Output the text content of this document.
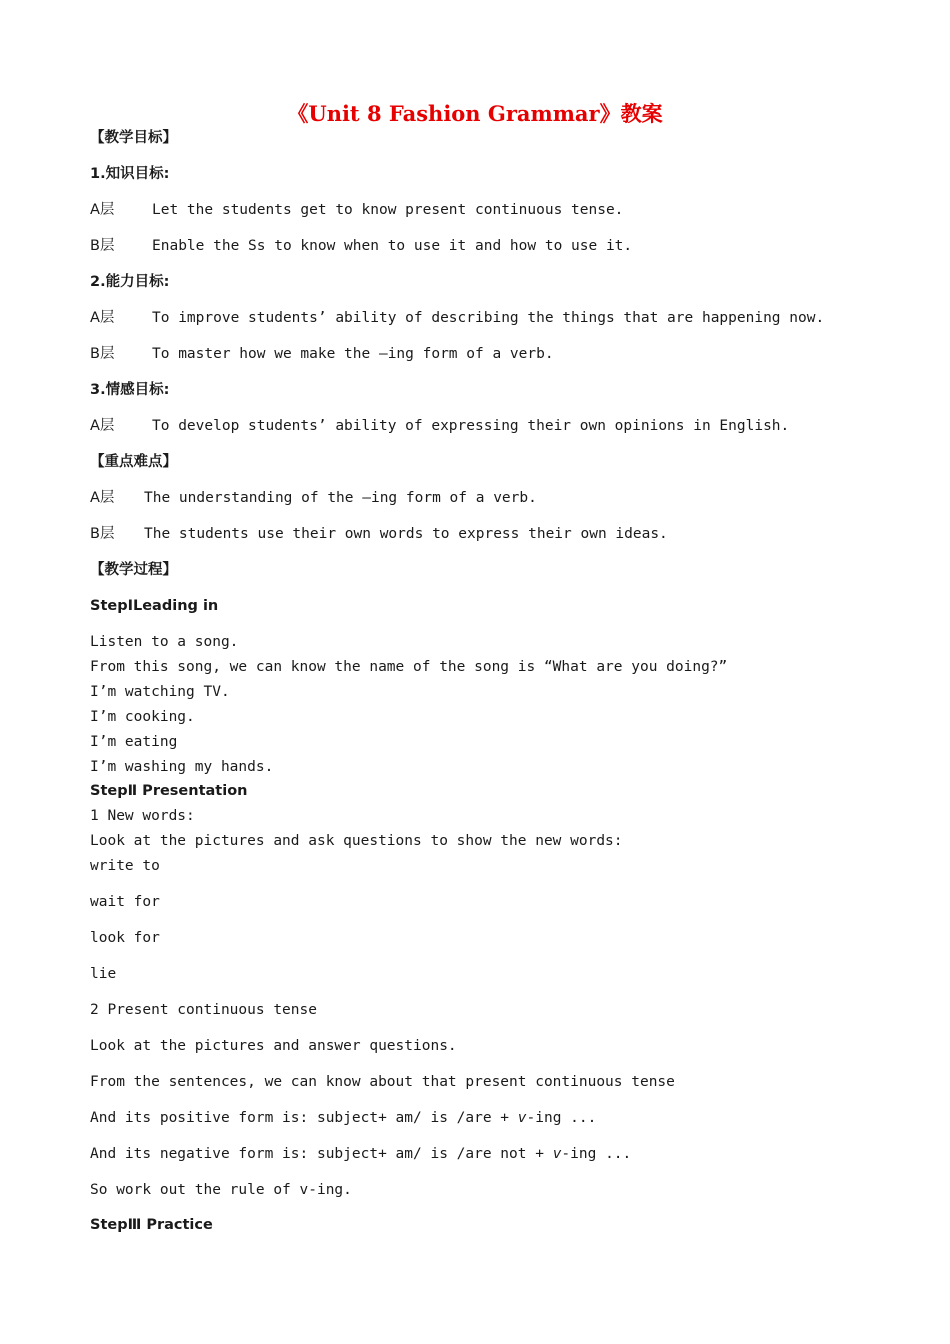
《Unit 8 Fashion Grammar》教案
【教学目标】
1.知识目标:
A层	Let the students get to know present continuous tense.
B层	Enable the Ss to know when to use it and how to use it.
2.能力目标:
A层	To improve students’ ability of describing the things that are happening now.
B层	To master how we make the –ing form of a verb.
3.情感目标:
A层	To develop students’ ability of expressing their own opinions in English.
【重点难点】
A层 The understanding of the –ing form of a verb.
B层 The students use their own words to express their own ideas.
【教学过程】
StepⅠLeading in
Listen to a song.
From this song, we can know the name of the song is “What are you doing?”
I’m watching TV.
I’m cooking.
I’m eating
I’m washing my hands.
StepⅡ Presentation
1 New words:
Look at the pictures and ask questions to show the new words:
write to
wait for
look for
lie
2 Present continuous tense
Look at the pictures and answer questions.
From the sentences, we can know about that present continuous tense
And its positive form is: subject+ am/ is /are + v-ing ...
And its negative form is: subject+ am/ is /are not + v-ing ...
So work out the rule of v-ing.
StepⅢ Practice
